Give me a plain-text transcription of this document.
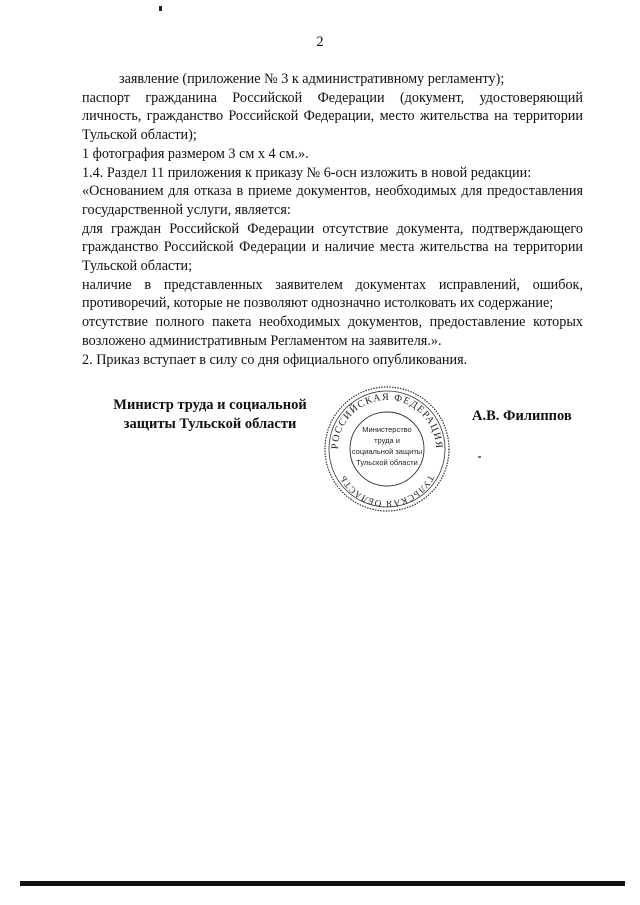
2

заявление (приложение № 3 к административному регламенту);

паспорт гражданина Российской Федерации (документ, удостоверяющий личность, гражданство Российской Федерации, место жительства на территории Тульской области);

1 фотография размером 3 см х 4 см.».

1.4. Раздел 11 приложения к приказу № 6-осн изложить в новой редакции:

«Основанием для отказа в приеме документов, необходимых для предоставления государственной услуги, является:

для граждан Российской Федерации отсутствие документа, подтверждающего гражданство Российской Федерации и наличие места жительства на территории Тульской области;

наличие в представленных заявителем документах исправлений, ошибок, противоречий, которые не позволяют однозначно истолковать их содержание;

отсутствие полного пакета необходимых документов, предоставление которых возложено административным Регламентом на заявителя.».

2. Приказ вступает в силу со дня официального опубликования.

Министр труда и социальной
защиты Тульской области
РОССИЙСКАЯ ФЕДЕРАЦИЯ
ТУЛЬСКАЯ ОБЛАСТЬ
Министерство
труда и
социальной защиты
Тульской области
А.В. Филиппов
